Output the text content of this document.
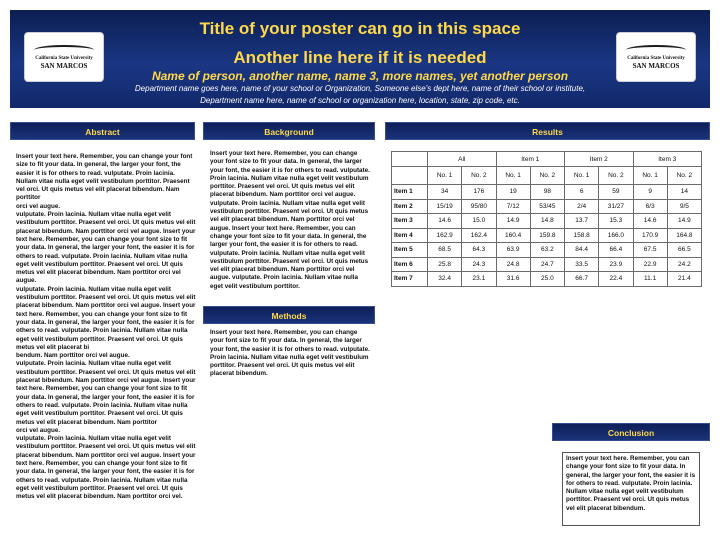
California State University
SAN MARCOS
California State University
SAN MARCOS
Title of your poster can go in this space
Another line here if it is needed
Name of person, another name, name 3, more names, yet another person
Department name goes here, name of your school or Organization, Someone else's dept here, name of their school or institute,
Department name here, name of school or organization here, location, state, zip code, etc.
Abstract
Insert your text here. Remember, you can change your font size to fit your data. In general, the larger your font, the easier it is for others to read. vulputate. Proin lacinia. Nullam vitae nulla eget velit vestibulum porttitor. Praesent vel orci. Ut quis metus vel elit placerat bibendum. Nam porttitor
orci vel augue.
vulputate. Proin lacinia. Nullam vitae nulla eget velit vestibulum porttitor. Praesent vel orci. Ut quis metus vel elit placerat bibendum. Nam porttitor orci vel augue. Insert your text here. Remember, you can change your font size to fit your data. In general, the larger your font, the easier it is for others to read. vulputate. Proin lacinia. Nullam vitae nulla eget velit vestibulum porttitor. Praesent vel orci. Ut quis metus vel elit placerat bibendum. Nam porttitor orci vel augue.
vulputate. Proin lacinia. Nullam vitae nulla eget velit vestibulum porttitor. Praesent vel orci. Ut quis metus vel elit placerat bibendum. Nam porttitor orci vel augue. Insert your text here. Remember, you can change your font size to fit your data. In general, the larger your font, the easier it is for others to read. vulputate. Proin lacinia. Nullam vitae nulla eget velit vestibulum porttitor. Praesent vel orci. Ut quis metus vel elit placerat bi
bendum. Nam porttitor orci vel augue.
vulputate. Proin lacinia. Nullam vitae nulla eget velit vestibulum porttitor. Praesent vel orci. Ut quis metus vel elit placerat bibendum. Nam porttitor orci vel augue. Insert your text here. Remember, you can change your font size to fit your data. In general, the larger your font, the easier it is for others to read. vulputate. Proin lacinia. Nullam vitae nulla eget velit vestibulum porttitor. Praesent vel orci. Ut quis metus vel elit placerat bibendum. Nam porttitor
orci vel augue.
vulputate. Proin lacinia. Nullam vitae nulla eget velit vestibulum porttitor. Praesent vel orci. Ut quis metus vel elit placerat bibendum. Nam porttitor orci vel augue. Insert your text here. Remember, you can change your font size to fit your data. In general, the larger your font, the easier it is for others to read. vulputate. Proin lacinia. Nullam vitae nulla eget velit vestibulum porttitor. Praesent vel orci. Ut quis metus vel elit placerat bibendum. Nam porttitor orci vel.
Background
Insert your text here. Remember, you can change your font size to fit your data. In general, the larger your font, the easier it is for others to read. vulputate. Proin lacinia. Nullam vitae nulla eget velit vestibulum porttitor. Praesent vel orci. Ut quis metus vel elit placerat bibendum. Nam porttitor orci vel augue.
vulputate. Proin lacinia. Nullam vitae nulla eget velit vestibulum porttitor. Praesent vel orci. Ut quis metus vel elit placerat bibendum. Nam porttitor orci vel augue. Insert your text here. Remember, you can change your font size to fit your data. In general, the larger your font, the easier it is for others to read. vulputate. Proin lacinia. Nullam vitae nulla eget velit vestibulum porttitor. Praesent vel orci. Ut quis metus vel elit placerat bibendum. Nam porttitor orci vel augue. vulputate. Proin lacinia. Nullam vitae nulla eget velit vestibulum porttitor.
Methods
Insert your text here. Remember, you can change your font size to fit your data. In general, the larger your font, the easier it is for others to read. vulputate. Proin lacinia. Nullam vitae nulla eget velit vestibulum porttitor. Praesent vel orci. Ut quis metus vel elit placerat bibendum.
Results
	All		Item 1		Item 2		Item 3	
	No. 1	No. 2	No. 1	No. 2	No. 1	No. 2	No. 1	No. 2
Item 1	34	176	19	98	6	59	9	14
Item 2	15/19	95/80	7/12	53/45	2/4	31/27	6/3	9/5
Item 3	14.6	15.0	14.9	14.8	13.7	15.3	14.6	14.9
Item 4	162.9	162.4	160.4	159.8	158.8	166.0	170.9	164.8
Item 5	68.5	64.3	63.9	63.2	84.4	66.4	67.5	66.5
Item 6	25.8	24.3	24.8	24.7	33.5	23.9	22.9	24.2
Item 7	32.4	23.1	31.6	25.0	66.7	22.4	11.1	21.4
Conclusion
Insert your text here. Remember, you can change your font size to fit your data. In general, the larger your font, the easier it is for others to read. vulputate. Proin lacinia. Nullam vitae nulla eget velit vestibulum porttitor. Praesent vel orci. Ut quis metus vel elit placerat bibendum.
